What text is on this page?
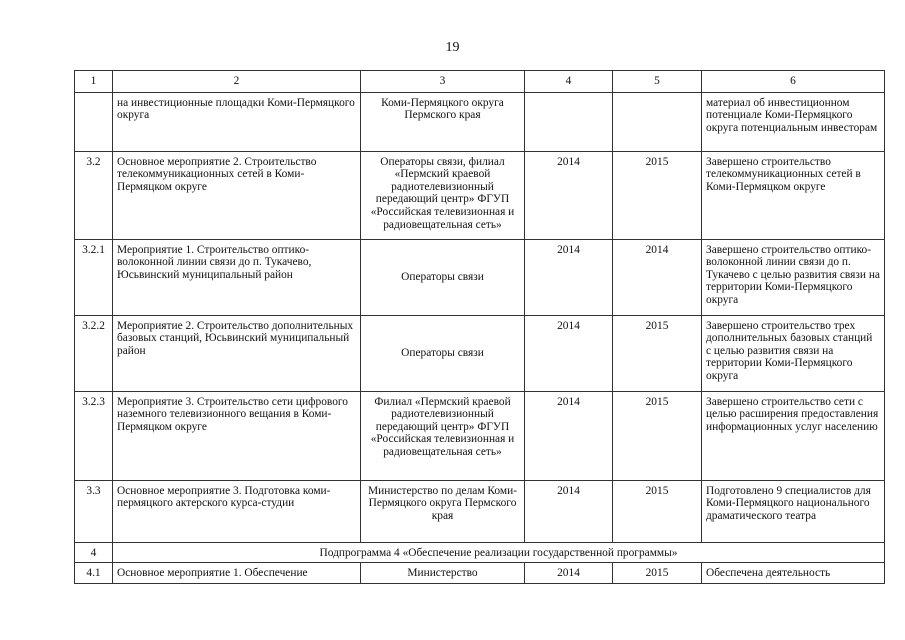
19
1	2	3	4	5	6
	на инвестиционные площадки Коми-Пермяцкого округа	Коми-Пермяцкого округа Пермского края			материал об инвестиционном потенциале Коми-Пермяцкого округа потенциальным инвесторам
3.2	Основное мероприятие 2. Строительство телекоммуникационных сетей в Коми-Пермяцком округе	Операторы связи, филиал «Пермский краевой радиотелевизионный передающий центр» ФГУП «Российская телевизионная и радиовещательная сеть»	2014	2015	Завершено строительство телекоммуникационных сетей в Коми-Пермяцком округе
3.2.1	Мероприятие 1. Строительство оптико-волоконной линии связи до п. Тукачево, Юсьвинский муниципальный район	Операторы связи	2014	2014	Завершено строительство оптико-волоконной линии связи до п. Тукачево с целью развития связи на территории Коми-Пермяцкого округа
3.2.2	Мероприятие 2. Строительство дополнительных базовых станций, Юсьвинский муниципальный район	Операторы связи	2014	2015	Завершено строительство трех дополнительных базовых станций с целью развития связи на территории Коми-Пермяцкого округа
3.2.3	Мероприятие 3. Строительство сети цифрового наземного телевизионного вещания в Коми-Пермяцком округе	Филиал «Пермский краевой радиотелевизионный передающий центр» ФГУП «Российская телевизионная и радиовещательная сеть»	2014	2015	Завершено строительство сети с целью расширения предоставления информационных услуг населению
3.3	Основное мероприятие 3. Подготовка коми-пермяцкого актерского курса-студии	Министерство по делам Коми-Пермяцкого округа Пермского края	2014	2015	Подготовлено 9 специалистов для Коми-Пермяцкого национального драматического театра
4	Подпрограмма 4 «Обеспечение реализации государственной программы»				
4.1	Основное мероприятие 1. Обеспечение	Министерство	2014	2015	Обеспечена деятельность
